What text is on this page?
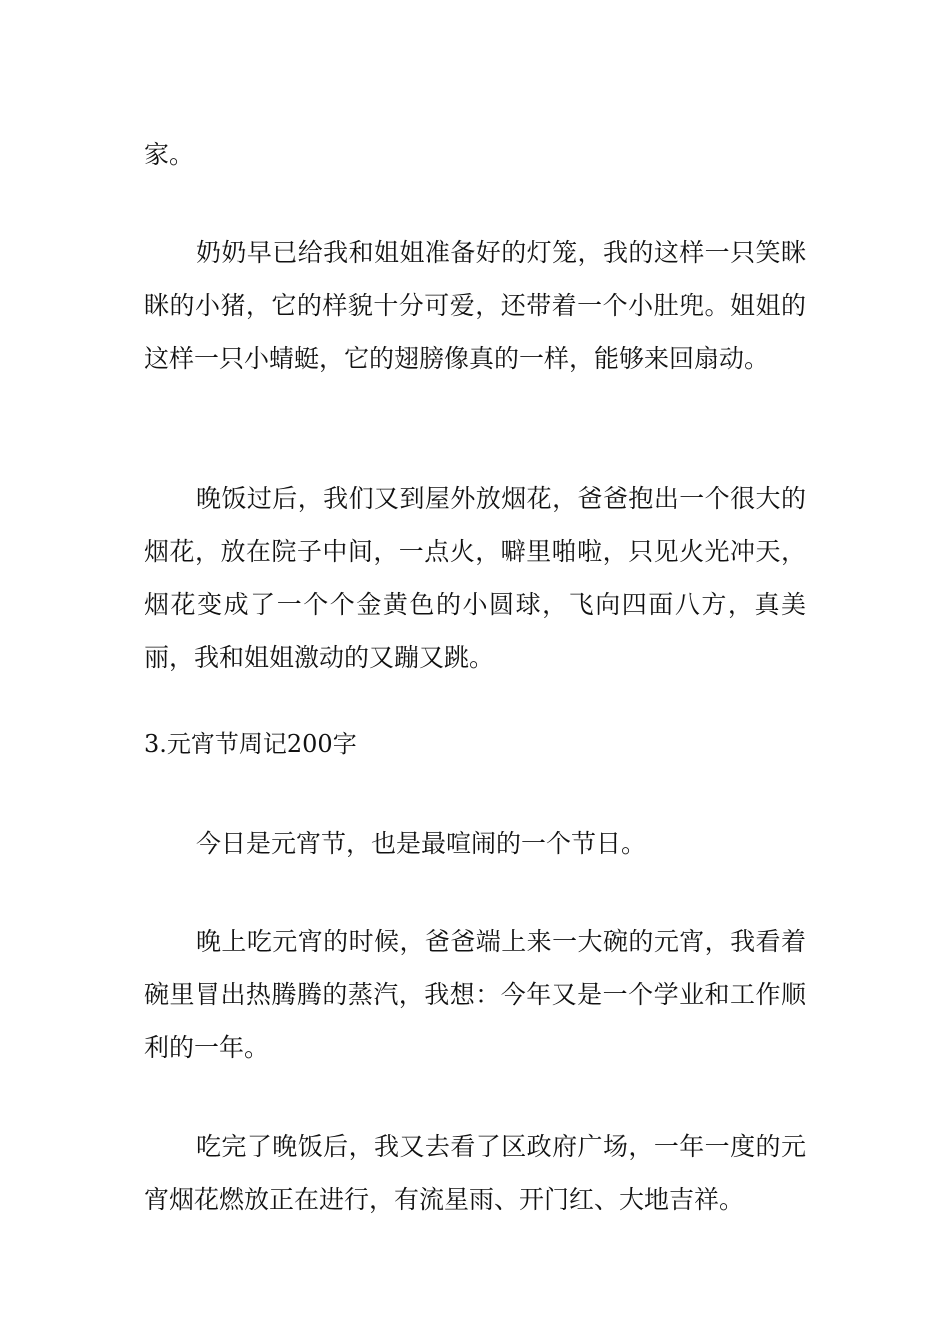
家。

奶奶早已给我和姐姐准备好的灯笼，我的这样一只笑眯眯的小猪，它的样貌十分可爱，还带着一个小肚兜。姐姐的这样一只小蜻蜓，它的翅膀像真的一样，能够来回扇动。

晚饭过后，我们又到屋外放烟花，爸爸抱出一个很大的烟花，放在院子中间，一点火，噼里啪啦，只见火光冲天，烟花变成了一个个金黄色的小圆球，飞向四面八方，真美丽，我和姐姐激动的又蹦又跳。

3.元宵节周记200字

今日是元宵节，也是最喧闹的一个节日。

晚上吃元宵的时候，爸爸端上来一大碗的元宵，我看着碗里冒出热腾腾的蒸汽，我想：今年又是一个学业和工作顺利的一年。

吃完了晚饭后，我又去看了区政府广场，一年一度的元宵烟花燃放正在进行，有流星雨、开门红、大地吉祥。
